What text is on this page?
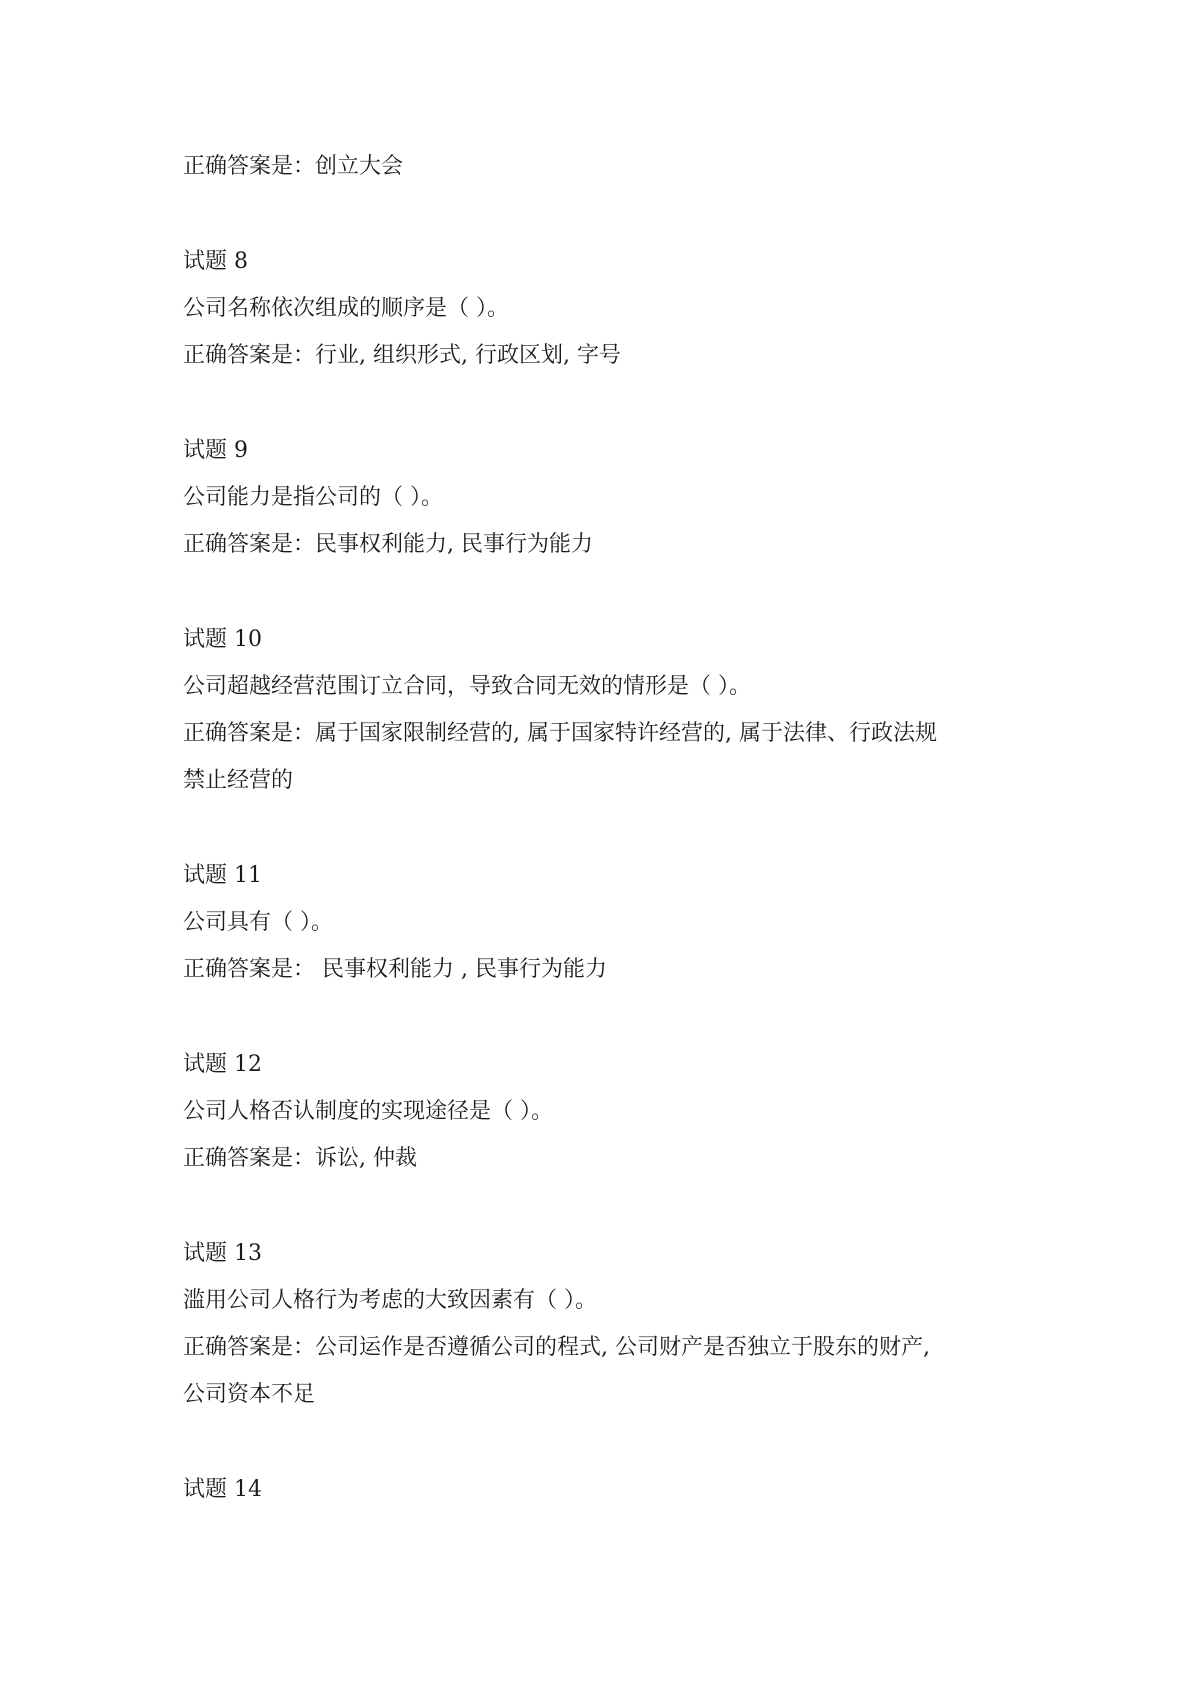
正确答案是：创立大会
试题 8
公司名称依次组成的顺序是（ ）。
正确答案是：行业, 组织形式, 行政区划, 字号
试题 9
公司能力是指公司的（ ）。
正确答案是：民事权利能力, 民事行为能力
试题 10
公司超越经营范围订立合同，导致合同无效的情形是（ ）。
正确答案是：属于国家限制经营的, 属于国家特许经营的, 属于法律、行政法规
禁止经营的
试题 11
公司具有（ ）。
正确答案是： 民事权利能力 , 民事行为能力
试题 12
公司人格否认制度的实现途径是（ ）。
正确答案是：诉讼, 仲裁
试题 13
滥用公司人格行为考虑的大致因素有（ ）。
正确答案是：公司运作是否遵循公司的程式, 公司财产是否独立于股东的财产,
公司资本不足
试题 14
